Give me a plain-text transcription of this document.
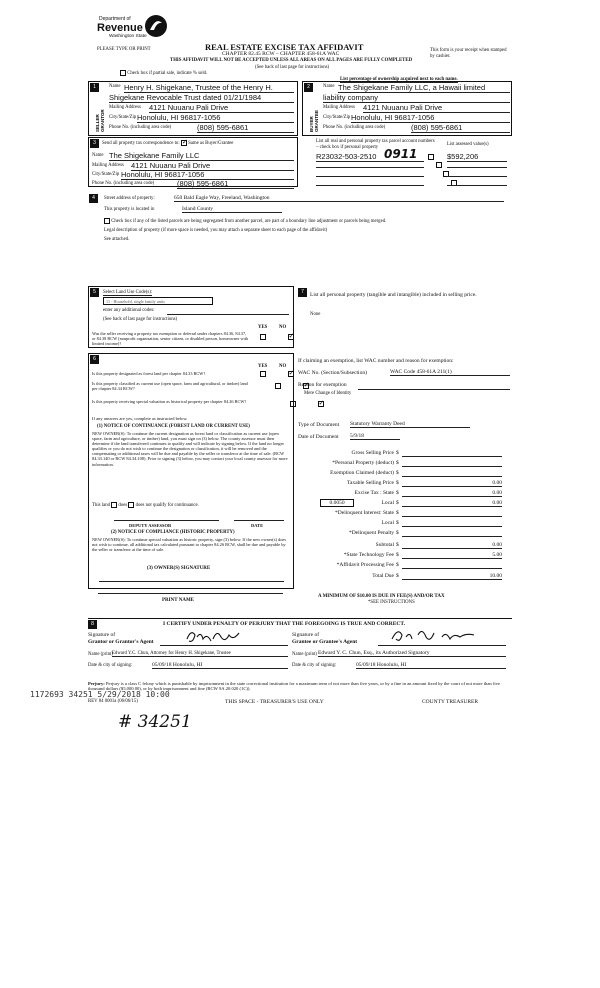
Department of
Revenue
Washington State
REAL ESTATE EXCISE TAX AFFIDAVIT
CHAPTER 82.45 RCW – CHAPTER 458-61A WAC
THIS AFFIDAVIT WILL NOT BE ACCEPTED UNLESS ALL AREAS ON ALL PAGES ARE FULLY COMPLETED
(See back of last page for instructions)
PLEASE TYPE OR PRINT	This form is your receipt when stamped by cashier.
Check box if partial sale, indicate % sold.
List percentage of ownership acquired next to each name.
1
SELLER GRANTOR
Name Henry H. Shigekane, Trustee of the Henry H.
Shigekane Revocable Trust dated 01/21/1984
Mailing Address 4121 Nuuanu Pali Drive
City/State/Zip Honolulu, HI 96817-1056
Phone No. (including area code)	(808) 595-6861
2
BUYER GRANTEE
Name The Shigekane Family LLC, a Hawaii limited
liability company
Mailing Address 4121 Nuuanu Pali Drive
City/State/Zip Honolulu, HI 96817-1056
Phone No. (including area code)	(808) 595-6861
3	Send all property tax correspondence to: ✓ Same as Buyer/Grantee
Name The Shigekane Family LLC
Mailing Address 4121 Nuuanu Pali Drive
City/State/Zip Honolulu, HI 96817-1056
Phone No. (including area code)	(808) 595-6861
List all real and personal property tax parcel account numbers – check box if personal property	List assessed value(s)
R23032-503-2510 0911
	$592,206

4	Street address of property:	650 Bald Eagle Way, Freeland, Washington
This property is located in	Island County
Check box if any of the listed parcels are being segregated from another parcel, are part of a boundary line adjustment or parcels being merged.
Legal description of property (if more space is needed, you may attach a separate sheet to each page of the affidavit)
See attached.
5	Select Land Use Code(s):
11 - Household, single family units
enter any additional codes:
(See back of last page for instructions)
YES NO
Was the seller receiving a property tax exemption or deferral under chapters 84.36, 84.37, or 84.38 RCW (nonprofit organization, senior citizen, or disabled person, homeowner with limited income)?
✓
6
YES NO
Is this property designated as forest land per chapter 84.33 RCW?
✓
Is this property classified as current use (open space, farm and agricultural, or timber) land per chapter 84.34 RCW?
✓
Is this property receiving special valuation as historical property per chapter 84.26 RCW?
✓
If any answers are yes, complete as instructed below.
(1) NOTICE OF CONTINUANCE (FOREST LAND OR CURRENT USE)
NEW OWNER(S): To continue the current designation as forest land or classification as current use (open space, farm and agriculture, or timber) land, you must sign on (3) below. The county assessor must then determine if the land transferred continues to qualify and will indicate by signing below. If the land no longer qualifies or you do not wish to continue the designation or classification, it will be removed and the compensating or additional taxes will be due and payable by the seller or transferor at the time of sale. (RCW 84.33.140 or RCW 84.34.108). Prior to signing (3) below, you may contact your local county assessor for more information.
This land does does not qualify for continuance.
DEPUTY ASSESSOR	DATE
(2) NOTICE OF COMPLIANCE (HISTORIC PROPERTY)
NEW OWNER(S): To continue special valuation as historic property, sign (3) below. If the new owner(s) does not wish to continue, all additional tax calculated pursuant to chapter 84.26 RCW, shall be due and payable by the seller or transferor at the time of sale.
(3) OWNER(S) SIGNATURE
PRINT NAME
7	List all personal property (tangible and intangible) included in selling price.
None
If claiming an exemption, list WAC number and reason for exemption:
WAC No. (Section/Subsection)	WAC Code 458-61A 211(1)
Reason for exemption
Mere Change of Identity
Type of Document Statutory Warranty Deed
Date of Document 5/9/18
Gross Selling Price $
*Personal Property (deduct) $
Exemption Claimed (deduct) $
Taxable Selling Price $	0.00
Excise Tax : State $	0.00
0.0050	Local $	0.00
*Delinquent Interest: State $
Local $
*Delinquent Penalty $
Subtotal $	0.00
*State Technology Fee $	5.00
*Affidavit Processing Fee $
Total Due $	10.00
A MINIMUM OF $10.00 IS DUE IN FEE(S) AND/OR TAX
*SEE INSTRUCTIONS
8	I CERTIFY UNDER PENALTY OF PERJURY THAT THE FOREGOING IS TRUE AND CORRECT.
Signature of
Grantor or Grantor's Agent
Signature of
Grantee or Grantee's Agent
Name (print) Edward Y.C. Chun, Attorney for Henry H. Shigekane, Trustee	Name (print) Edward Y. C. Chun, Esq., its Authorized Signatory
Date & city of signing:	05/09/18 Honolulu, HI	Date & city of signing:	05/09/18 Honolulu, HI
Perjury: Perjury is a class C felony which is punishable by imprisonment in the state correctional institution for a maximum term of not more than five years, or by a fine in an amount fixed by the court of not more than five thousand dollars ($5,000.00), or by both imprisonment and fine (RCW 9A.20.020 (1C)).
1172693 34251 5/29/2018 10:00
REV 84 0001a (06/06/15)	THIS SPACE - TREASURER'S USE ONLY	COUNTY TREASURER
# 34251
